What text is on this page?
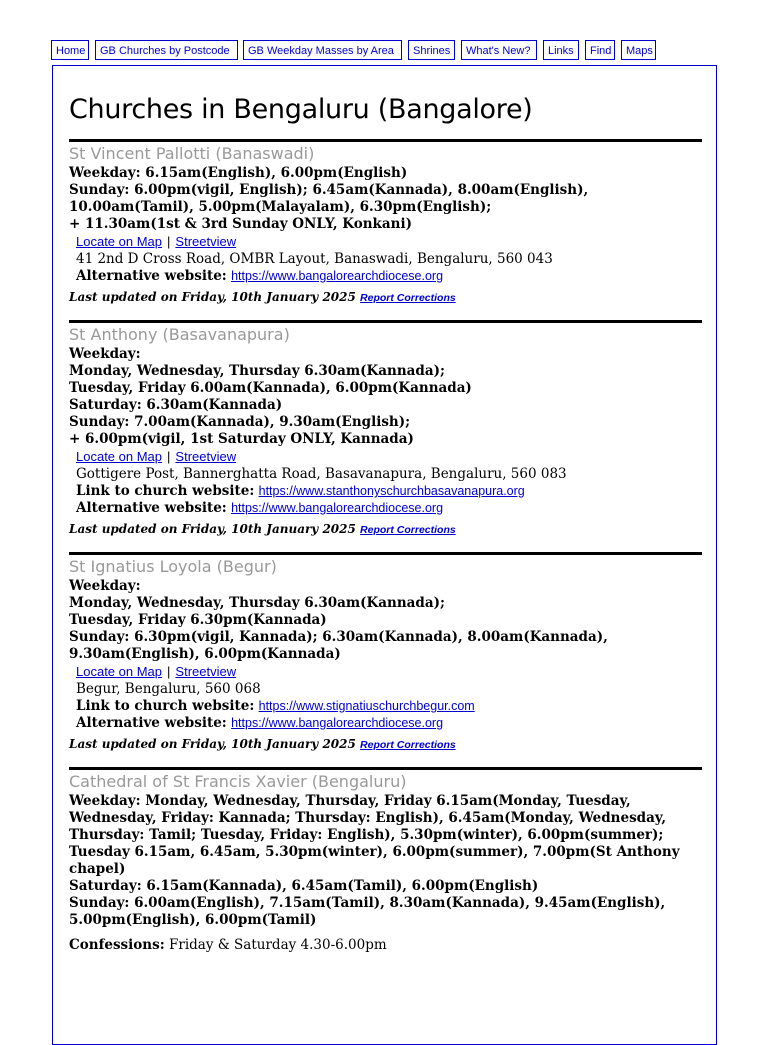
Home	GB Churches by Postcode	GB Weekday Masses by Area	Shrines	What's New?	Links	Find	Maps
Churches in Bengaluru (Bangalore)
St Vincent Pallotti (Banaswadi)
Weekday: 6.15am(English), 6.00pm(English)
Sunday: 6.00pm(vigil, English); 6.45am(Kannada), 8.00am(English), 10.00am(Tamil), 5.00pm(Malayalam), 6.30pm(English);
+ 11.30am(1st & 3rd Sunday ONLY, Konkani)
Locate on Map | Streetview
41 2nd D Cross Road, OMBR Layout, Banaswadi, Bengaluru, 560 043
Alternative website: https://www.bangalorearchdiocese.org
Last updated on Friday, 10th January 2025 Report Corrections
St Anthony (Basavanapura)
Weekday:
Monday, Wednesday, Thursday 6.30am(Kannada);
Tuesday, Friday 6.00am(Kannada), 6.00pm(Kannada)
Saturday: 6.30am(Kannada)
Sunday: 7.00am(Kannada), 9.30am(English);
+ 6.00pm(vigil, 1st Saturday ONLY, Kannada)
Locate on Map | Streetview
Gottigere Post, Bannerghatta Road, Basavanapura, Bengaluru, 560 083
Link to church website: https://www.stanthonyschurchbasavanapura.org
Alternative website: https://www.bangalorearchdiocese.org
Last updated on Friday, 10th January 2025 Report Corrections
St Ignatius Loyola (Begur)
Weekday:
Monday, Wednesday, Thursday 6.30am(Kannada);
Tuesday, Friday 6.30pm(Kannada)
Sunday: 6.30pm(vigil, Kannada); 6.30am(Kannada), 8.00am(Kannada), 9.30am(English), 6.00pm(Kannada)
Locate on Map | Streetview
Begur, Bengaluru, 560 068
Link to church website: https://www.stignatiuschurchbegur.com
Alternative website: https://www.bangalorearchdiocese.org
Last updated on Friday, 10th January 2025 Report Corrections
Cathedral of St Francis Xavier (Bengaluru)
Weekday: Monday, Wednesday, Thursday, Friday 6.15am(Monday, Tuesday, Wednesday, Friday: Kannada; Thursday: English), 6.45am(Monday, Wednesday, Thursday: Tamil; Tuesday, Friday: English), 5.30pm(winter), 6.00pm(summer);
Tuesday 6.15am, 6.45am, 5.30pm(winter), 6.00pm(summer), 7.00pm(St Anthony chapel)
Saturday: 6.15am(Kannada), 6.45am(Tamil), 6.00pm(English)
Sunday: 6.00am(English), 7.15am(Tamil), 8.30am(Kannada), 9.45am(English), 5.00pm(English), 6.00pm(Tamil)
Confessions: Friday & Saturday 4.30-6.00pm
